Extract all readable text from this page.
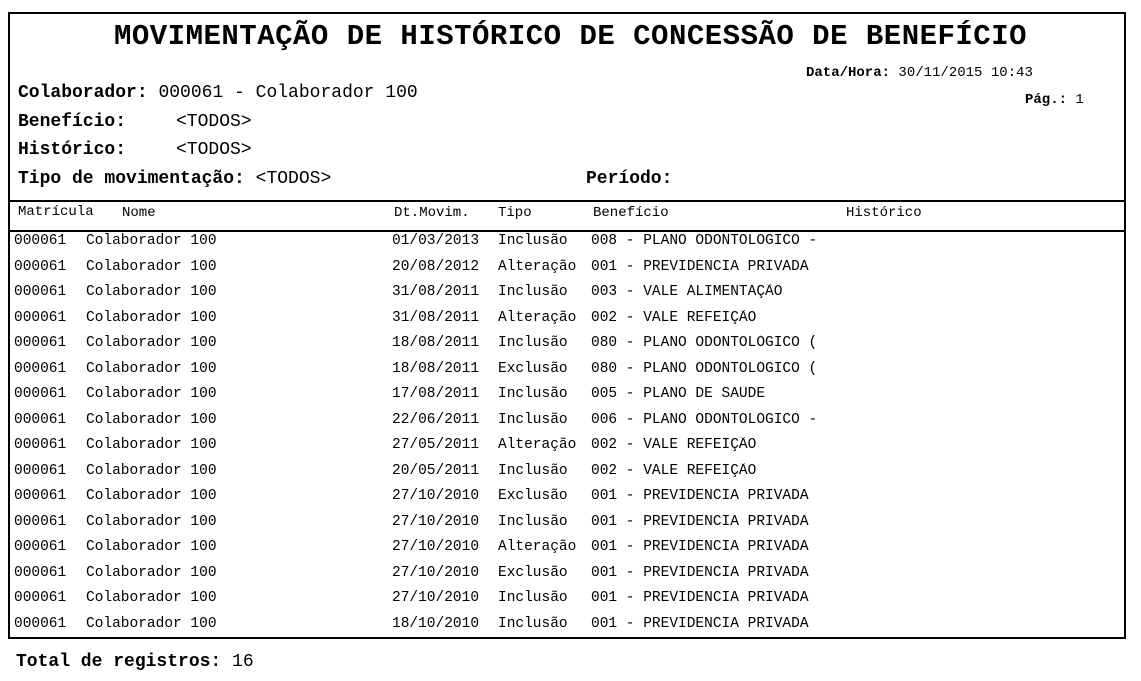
MOVIMENTAÇÃO DE HISTÓRICO DE CONCESSÃO DE BENEFÍCIO
Data/Hora: 30/11/2015 10:43
Pág.: 1
Colaborador: 000061 - Colaborador 100
Benefício:	<TODOS>
Histórico:	<TODOS>
Tipo de movimentação: <TODOS>	Período:
Matrícula Nome	Dt.Movim. Tipo	Benefício	Histórico
000061	Colaborador 100	01/03/2013	Inclusão	008 - PLANO ODONTOLOGICO -
000061	Colaborador 100	20/08/2012	Alteração	001 - PREVIDENCIA PRIVADA
000061	Colaborador 100	31/08/2011	Inclusão	003 - VALE ALIMENTAÇÃO
000061	Colaborador 100	31/08/2011	Alteração	002 - VALE REFEIÇÃO
000061	Colaborador 100	18/08/2011	Inclusão	080 - PLANO ODONTOLÓGICO (
000061	Colaborador 100	18/08/2011	Exclusão	080 - PLANO ODONTOLÓGICO (
000061	Colaborador 100	17/08/2011	Inclusão	005 - PLANO DE SAÚDE
000061	Colaborador 100	22/06/2011	Inclusão	006 - PLANO ODONTOLÓGICO -
000061	Colaborador 100	27/05/2011	Alteração	002 - VALE REFEIÇÃO
000061	Colaborador 100	20/05/2011	Inclusão	002 - VALE REFEIÇÃO
000061	Colaborador 100	27/10/2010	Exclusão	001 - PREVIDENCIA PRIVADA
000061	Colaborador 100	27/10/2010	Inclusão	001 - PREVIDENCIA PRIVADA
000061	Colaborador 100	27/10/2010	Alteração	001 - PREVIDENCIA PRIVADA
000061	Colaborador 100	27/10/2010	Exclusão	001 - PREVIDENCIA PRIVADA
000061	Colaborador 100	27/10/2010	Inclusão	001 - PREVIDENCIA PRIVADA
000061	Colaborador 100	18/10/2010	Inclusão	001 - PREVIDENCIA PRIVADA
Total de registros: 16
